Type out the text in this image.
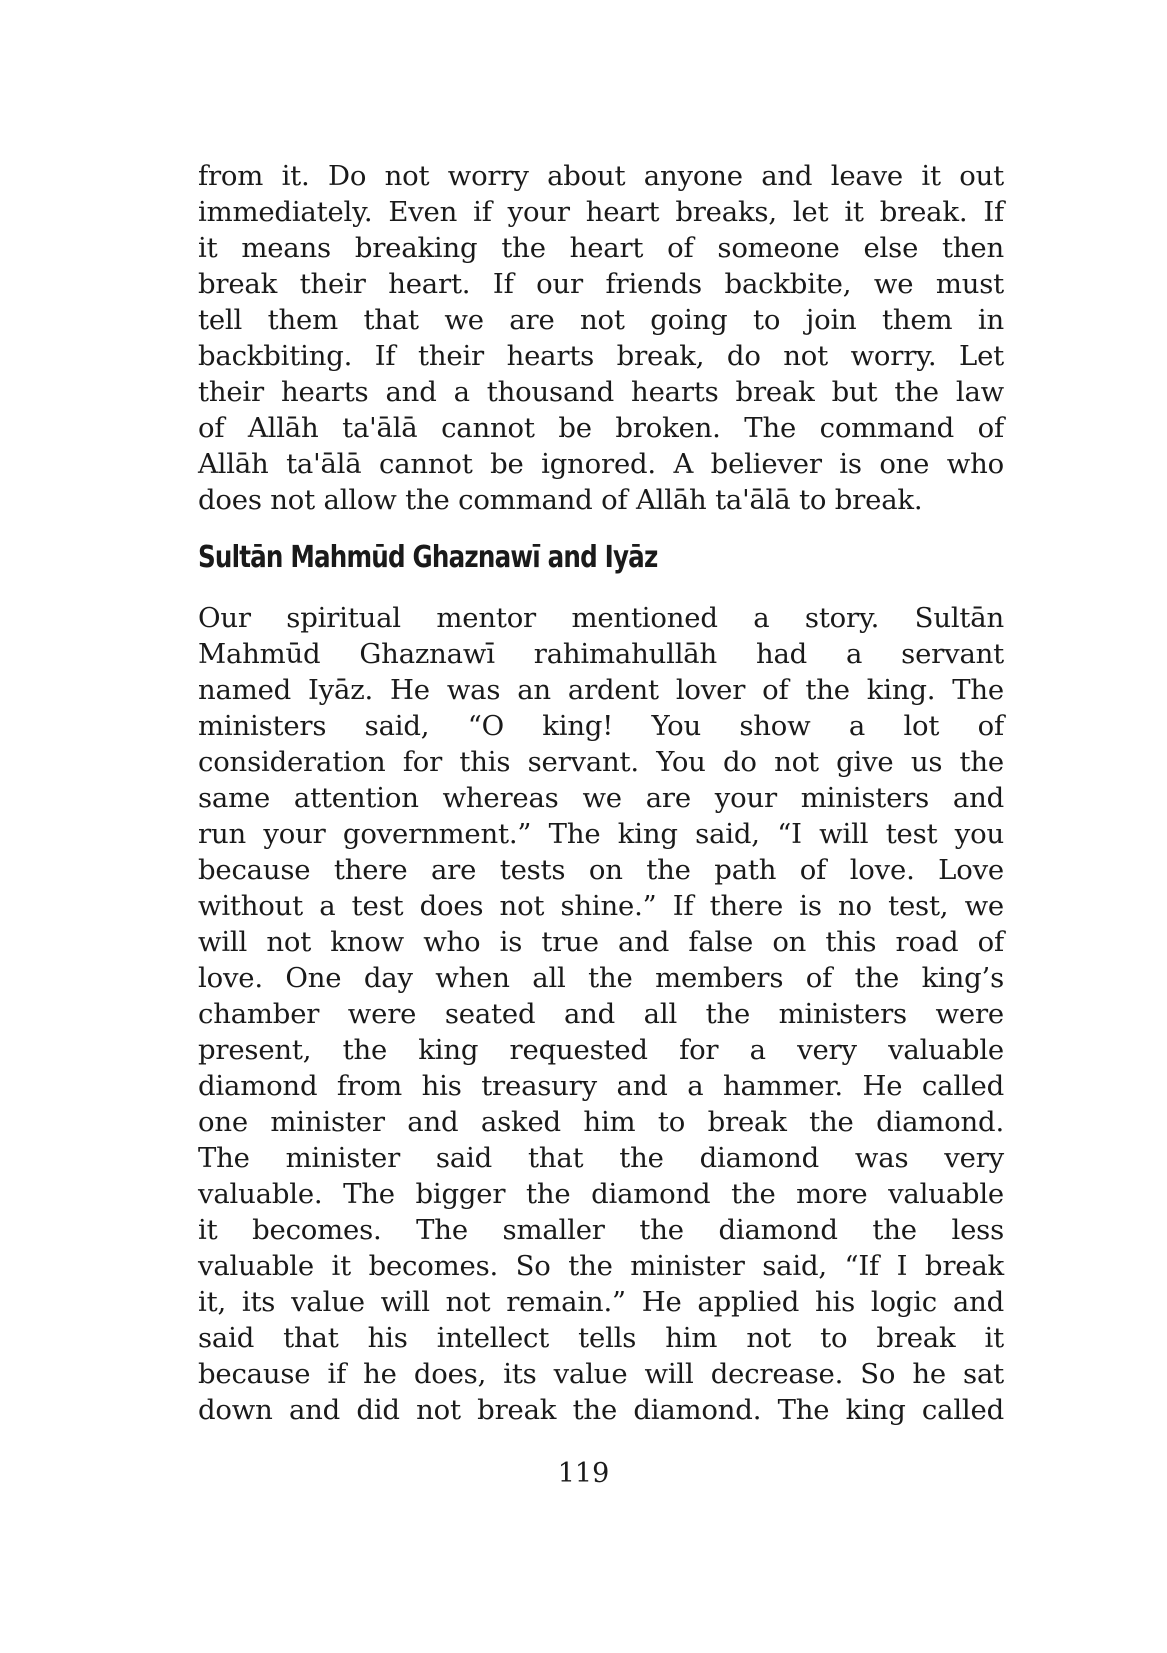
from it. Do not worry about anyone and leave it out
immediately. Even if your heart breaks, let it break. If
it means breaking the heart of someone else then
break their heart. If our friends backbite, we must
tell them that we are not going to join them in
backbiting. If their hearts break, do not worry. Let
their hearts and a thousand hearts break but the law
of Allāh ta'ālā cannot be broken. The command of
Allāh ta'ālā cannot be ignored. A believer is one who
does not allow the command of Allāh ta'ālā to break.

Sultān Mahmūd Ghaznawī and Iyāz

Our spiritual mentor mentioned a story. Sultān
Mahmūd Ghaznawī rahimahullāh had a servant
named Iyāz. He was an ardent lover of the king. The
ministers said, “O king! You show a lot of
consideration for this servant. You do not give us the
same attention whereas we are your ministers and
run your government.” The king said, “I will test you
because there are tests on the path of love. Love
without a test does not shine.” If there is no test, we
will not know who is true and false on this road of
love. One day when all the members of the king’s
chamber were seated and all the ministers were
present, the king requested for a very valuable
diamond from his treasury and a hammer. He called
one minister and asked him to break the diamond.
The minister said that the diamond was very
valuable. The bigger the diamond the more valuable
it becomes. The smaller the diamond the less
valuable it becomes. So the minister said, “If I break
it, its value will not remain.” He applied his logic and
said that his intellect tells him not to break it
because if he does, its value will decrease. So he sat
down and did not break the diamond. The king called

119
